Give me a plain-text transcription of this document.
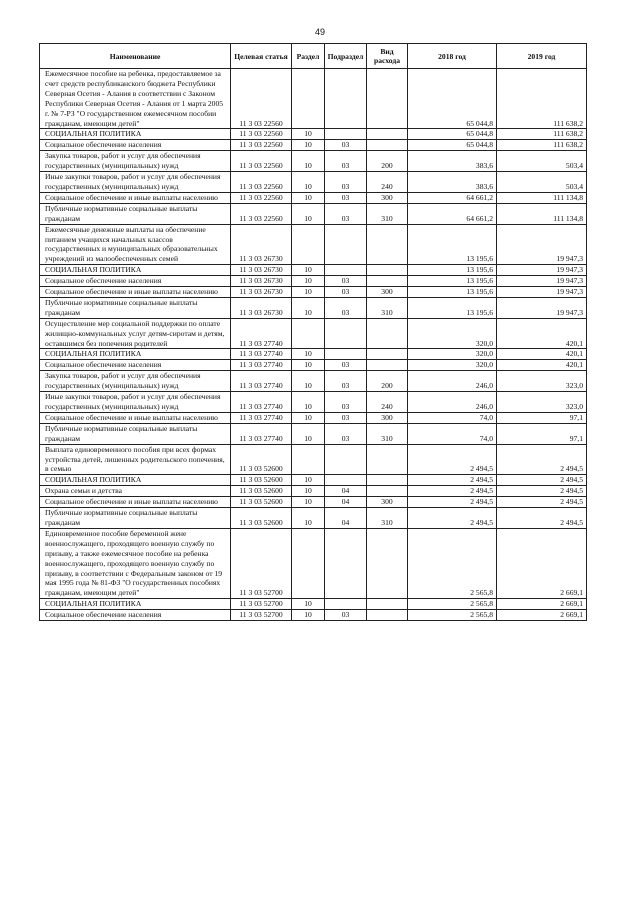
49
Наименование	Целевая статья	Раздел	Подраздел	Вид расхода	2018 год	2019 год
Ежемесячное пособие на ребенка, предоставляемое за счет средств республиканского бюджета Республики Северная Осетия - Алания в соответствии с Законом Республики Северная Осетия - Алания от 1 марта 2005 г. № 7-РЗ "О государственном ежемесячном пособии гражданам, имеющим детей"	11 3 03 22560				65 044,8	111 638,2
СОЦИАЛЬНАЯ ПОЛИТИКА	11 3 03 22560	10			65 044,8	111 638,2
Социальное обеспечение населения	11 3 03 22560	10	03		65 044,8	111 638,2
Закупка товаров, работ и услуг для обеспечения государственных (муниципальных) нужд	11 3 03 22560	10	03	200	383,6	503,4
Иные закупки товаров, работ и услуг для обеспечения государственных (муниципальных) нужд	11 3 03 22560	10	03	240	383,6	503,4
Социальное обеспечение и иные выплаты населению	11 3 03 22560	10	03	300	64 661,2	111 134,8
Публичные нормативные социальные выплаты гражданам	11 3 03 22560	10	03	310	64 661,2	111 134,8
Ежемесячные денежные выплаты на обеспечение питанием учащихся начальных классов государственных и муниципальных образовательных учреждений из малообеспеченных семей	11 3 03 26730				13 195,6	19 947,3
СОЦИАЛЬНАЯ ПОЛИТИКА	11 3 03 26730	10			13 195,6	19 947,3
Социальное обеспечение населения	11 3 03 26730	10	03		13 195,6	19 947,3
Социальное обеспечение и иные выплаты населению	11 3 03 26730	10	03	300	13 195,6	19 947,3
Публичные нормативные социальные выплаты гражданам	11 3 03 26730	10	03	310	13 195,6	19 947,3
Осуществление мер социальной поддержки по оплате жилищно-коммунальных услуг детям-сиротам и детям, оставшимся без попечения родителей	11 3 03 27740				320,0	420,1
СОЦИАЛЬНАЯ ПОЛИТИКА	11 3 03 27740	10			320,0	420,1
Социальное обеспечение населения	11 3 03 27740	10	03		320,0	420,1
Закупка товаров, работ и услуг для обеспечения государственных (муниципальных) нужд	11 3 03 27740	10	03	200	246,0	323,0
Иные закупки товаров, работ и услуг для обеспечения государственных (муниципальных) нужд	11 3 03 27740	10	03	240	246,0	323,0
Социальное обеспечение и иные выплаты населению	11 3 03 27740	10	03	300	74,0	97,1
Публичные нормативные социальные выплаты гражданам	11 3 03 27740	10	03	310	74,0	97,1
Выплата единовременного пособия при всех формах устройства детей, лишенных родительского попечения, в семью	11 3 03 52600				2 494,5	2 494,5
СОЦИАЛЬНАЯ ПОЛИТИКА	11 3 03 52600	10			2 494,5	2 494,5
Охрана семьи и детства	11 3 03 52600	10	04		2 494,5	2 494,5
Социальное обеспечение и иные выплаты населению	11 3 03 52600	10	04	300	2 494,5	2 494,5
Публичные нормативные социальные выплаты гражданам	11 3 03 52600	10	04	310	2 494,5	2 494,5
Единовременное пособие беременной жене военнослужащего, проходящего военную службу по призыву, а также ежемесячное пособие на ребенка военнослужащего, проходящего военную службу по призыву, в соответствии с Федеральным законом от 19 мая 1995 года № 81-ФЗ "О государственных пособиях гражданам, имеющим детей"	11 3 03 52700				2 565,8	2 669,1
СОЦИАЛЬНАЯ ПОЛИТИКА	11 3 03 52700	10			2 565,8	2 669,1
Социальное обеспечение населения	11 3 03 52700	10	03		2 565,8	2 669,1
